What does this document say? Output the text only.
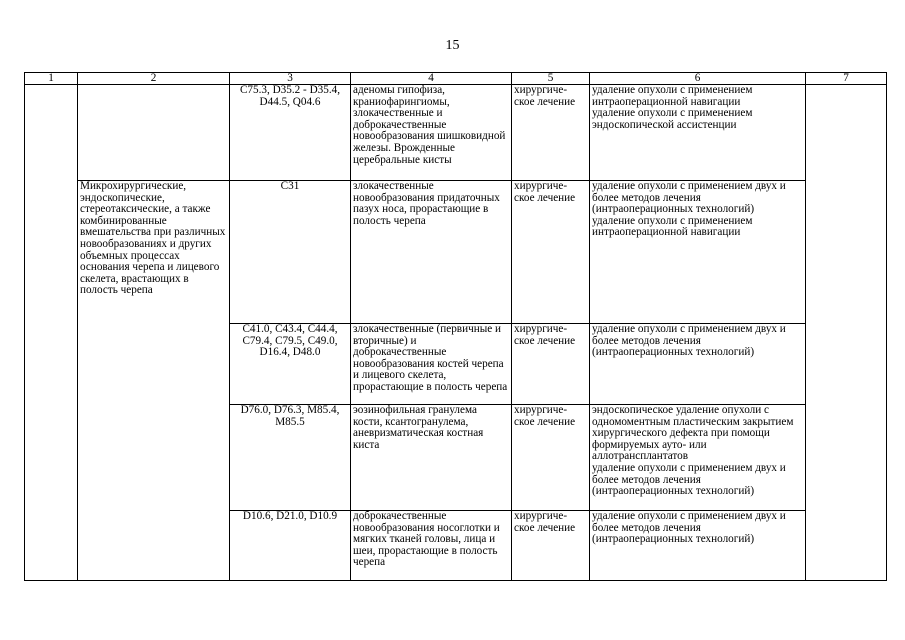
15
1	2	3	4	5	6	7
		C75.3, D35.2 - D35.4, D44.5, Q04.6	аденомы гипофиза, краниофарингиомы, злокачественные и доброкачественные новообразования шишковидной железы. Врожденные церебральные кисты	хирургиче-ское лечение	удаление опухоли с применением интраоперационной навигации
удаление опухоли с применением эндоскопической ассистенции	

	Микрохирургические, эндоскопические, стереотаксические, а также комбинированные вмешательства при различных новообразованиях и других объемных процессах основания черепа и лицевого скелета, врастающих в полость черепа	C31	злокачественные новообразования придаточных пазух носа, прорастающие в полость черепа	хирургиче-ское лечение	удаление опухоли с применением двух и более методов лечения (интраоперационных технологий)
удаление опухоли с применением интраоперационной навигации	

		C41.0, C43.4, C44.4, C79.4, C79.5, C49.0, D16.4, D48.0	злокачественные (первичные и вторичные) и доброкачественные новообразования костей черепа и лицевого скелета, прорастающие в полость черепа	хирургиче-ское лечение	удаление опухоли с применением двух и более методов лечения (интраоперационных технологий)	

		D76.0, D76.3, M85.4, M85.5	эозинофильная гранулема кости, ксантогранулема, аневризматическая костная киста	хирургиче-ское лечение	эндоскопическое удаление опухоли с одномоментным пластическим закрытием хирургического дефекта при помощи формируемых ауто- или аллотрансплантатов
удаление опухоли с применением двух и более методов лечения (интраоперационных технологий)	

		D10.6, D21.0, D10.9	доброкачественные новообразования носоглотки и мягких тканей головы, лица и шеи, прорастающие в полость черепа	хирургиче-ское лечение	удаление опухоли с применением двух и более методов лечения (интраоперационных технологий)	
